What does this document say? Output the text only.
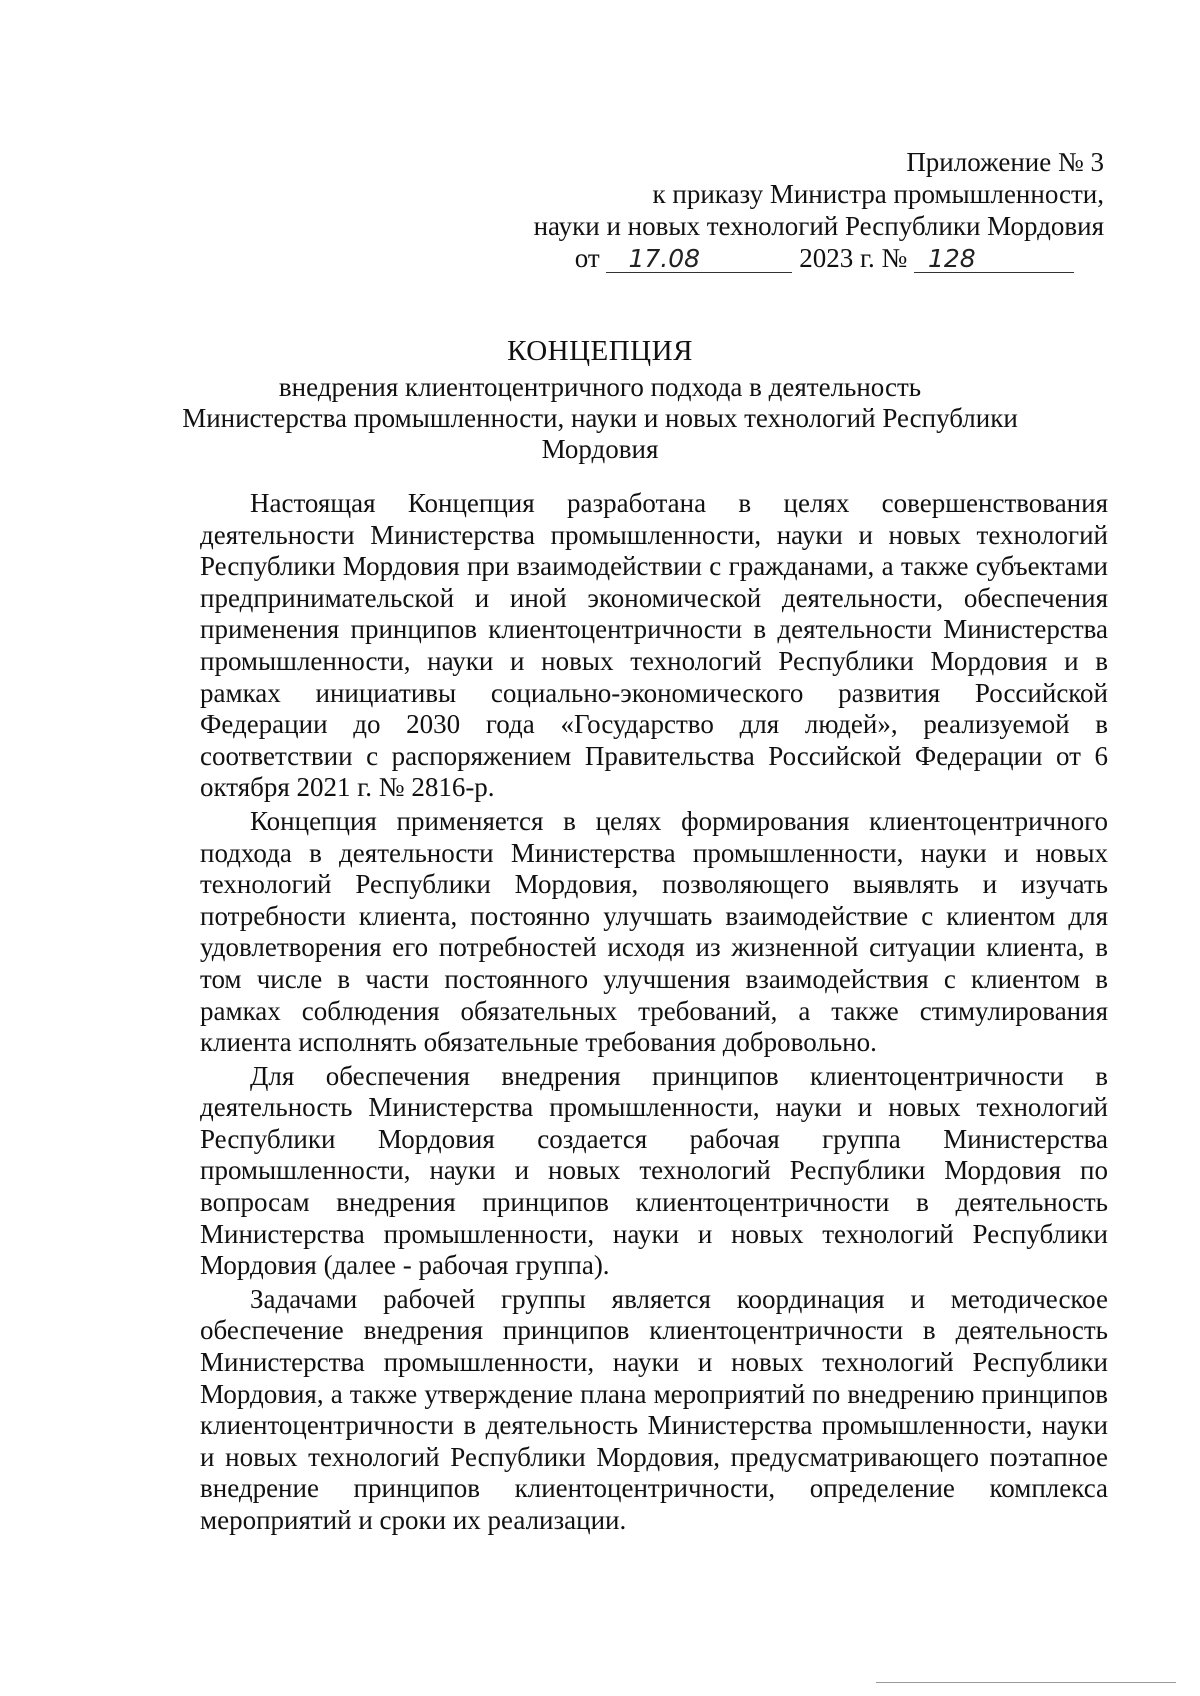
Приложение № 3
к приказу Министра промышленности,
науки и новых технологий Республики Мордовия
от 17.08	2023 г. № 128
КОНЦЕПЦИЯ
внедрения клиентоцентричного подхода в деятельность
Министерства промышленности, науки и новых технологий Республики
Мордовия

Настоящая Концепция разработана в целях совершенствования деятельности Министерства промышленности, науки и новых технологий Республики Мордовия при взаимодействии с гражданами, а также субъектами предпринимательской и иной экономической деятельности, обеспечения применения принципов клиентоцентричности в деятельности Министерства промышленности, науки и новых технологий Республики Мордовия и в рамках инициативы социально-экономического развития Российской Федерации до 2030 года «Государство для людей», реализуемой в соответствии с распоряжением Правительства Российской Федерации от 6 октября 2021 г. № 2816-р.

Концепция применяется в целях формирования клиентоцентричного подхода в деятельности Министерства промышленности, науки и новых технологий Республики Мордовия, позволяющего выявлять и изучать потребности клиента, постоянно улучшать взаимодействие с клиентом для удовлетворения его потребностей исходя из жизненной ситуации клиента, в том числе в части постоянного улучшения взаимодействия с клиентом в рамках соблюдения обязательных требований, а также стимулирования клиента исполнять обязательные требования добровольно.

Для обеспечения внедрения принципов клиентоцентричности в деятельность Министерства промышленности, науки и новых технологий Республики Мордовия создается рабочая группа Министерства промышленности, науки и новых технологий Республики Мордовия по вопросам внедрения принципов клиентоцентричности в деятельность Министерства промышленности, науки и новых технологий Республики Мордовия (далее - рабочая группа).

Задачами рабочей группы является координация и методическое обеспечение внедрения принципов клиентоцентричности в деятельность Министерства промышленности, науки и новых технологий Республики Мордовия, а также утверждение плана мероприятий по внедрению принципов клиентоцентричности в деятельность Министерства промышленности, науки и новых технологий Республики Мордовия, предусматривающего поэтапное внедрение принципов клиентоцентричности, определение комплекса мероприятий и сроки их реализации.
